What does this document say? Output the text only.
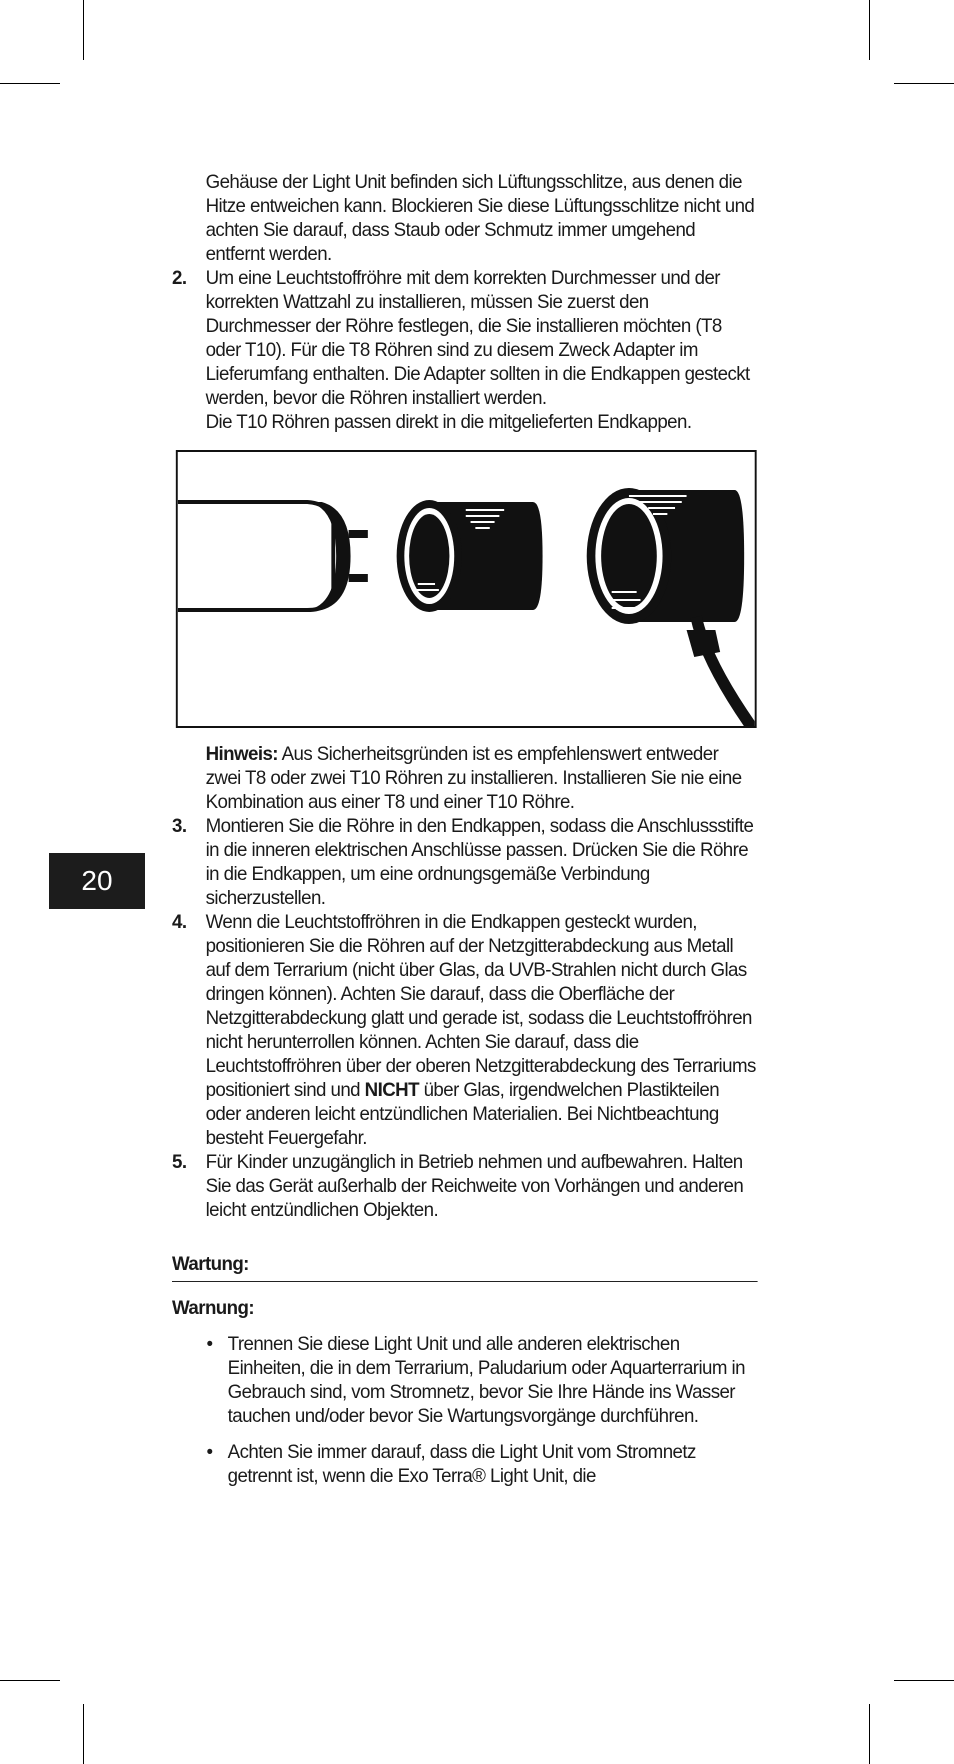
20

Gehäuse der Light Unit befinden sich Lüftungsschlitze, aus denen die Hitze entweichen kann. Blockieren Sie diese Lüftungsschlitze nicht und achten Sie darauf, dass Staub oder Schmutz immer umgehend entfernt werden.

2. Um eine Leuchtstoffröhre mit dem korrekten Durchmesser und der korrekten Wattzahl zu installieren, müssen Sie zuerst den Durchmesser der Röhre festlegen, die Sie installieren möchten (T8 oder T10). Für die T8 Röhren sind zu diesem Zweck Adapter im Lieferumfang enthalten. Die Adapter sollten in die Endkappen gesteckt werden, bevor die Röhren installiert werden.

Die T10 Röhren passen direkt in die mitgelieferten Endkappen.

Hinweis: Aus Sicherheitsgründen ist es empfehlenswert entweder zwei T8 oder zwei T10 Röhren zu installieren. Installieren Sie nie eine Kombination aus einer T8 und einer T10 Röhre.

3. Montieren Sie die Röhre in den Endkappen, sodass die Anschlussstifte in die inneren elektrischen Anschlüsse passen. Drücken Sie die Röhre in die Endkappen, um eine ordnungsgemäße Verbindung sicherzustellen.

4. Wenn die Leuchtstoffröhren in die Endkappen gesteckt wurden, positionieren Sie die Röhren auf der Netzgitterabdeckung aus Metall auf dem Terrarium (nicht über Glas, da UVB-Strahlen nicht durch Glas dringen können). Achten Sie darauf, dass die Oberfläche der Netzgitterabdeckung glatt und gerade ist, sodass die Leuchtstoffröhren nicht herunterrollen können. Achten Sie darauf, dass die Leuchtstoffröhren über der oberen Netzgitterabdeckung des Terrariums positioniert sind und NICHT über Glas, irgendwelchen Plastikteilen oder anderen leicht entzündlichen Materialien. Bei Nichtbeachtung besteht Feuergefahr.

5. Für Kinder unzugänglich in Betrieb nehmen und aufbewahren. Halten Sie das Gerät außerhalb der Reichweite von Vorhängen und anderen leicht entzündlichen Objekten.

Wartung:
Warnung:
• Trennen Sie diese Light Unit und alle anderen elektrischen Einheiten, die in dem Terrarium, Paludarium oder Aquarterrarium in Gebrauch sind, vom Stromnetz, bevor Sie Ihre Hände ins Wasser tauchen und/oder bevor Sie Wartungsvorgänge durchführen.
• Achten Sie immer darauf, dass die Light Unit vom Stromnetz getrennt ist, wenn die Exo Terra® Light Unit, die
